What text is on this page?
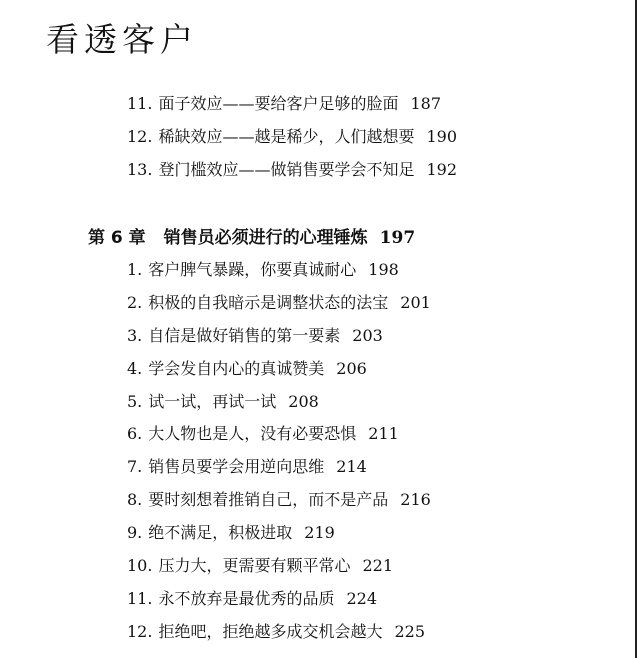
看透客户
11. 面子效应——要给客户足够的脸面 187
12. 稀缺效应——越是稀少，人们越想要 190
13. 登门槛效应——做销售要学会不知足 192
第 6 章 销售员必须进行的心理锤炼 197
1. 客户脾气暴躁，你要真诚耐心 198
2. 积极的自我暗示是调整状态的法宝 201
3. 自信是做好销售的第一要素 203
4. 学会发自内心的真诚赞美 206
5. 试一试，再试一试 208
6. 大人物也是人，没有必要恐惧 211
7. 销售员要学会用逆向思维 214
8. 要时刻想着推销自己，而不是产品 216
9. 绝不满足，积极进取 219
10. 压力大，更需要有颗平常心 221
11. 永不放弃是最优秀的品质 224
12. 拒绝吧，拒绝越多成交机会越大 225
